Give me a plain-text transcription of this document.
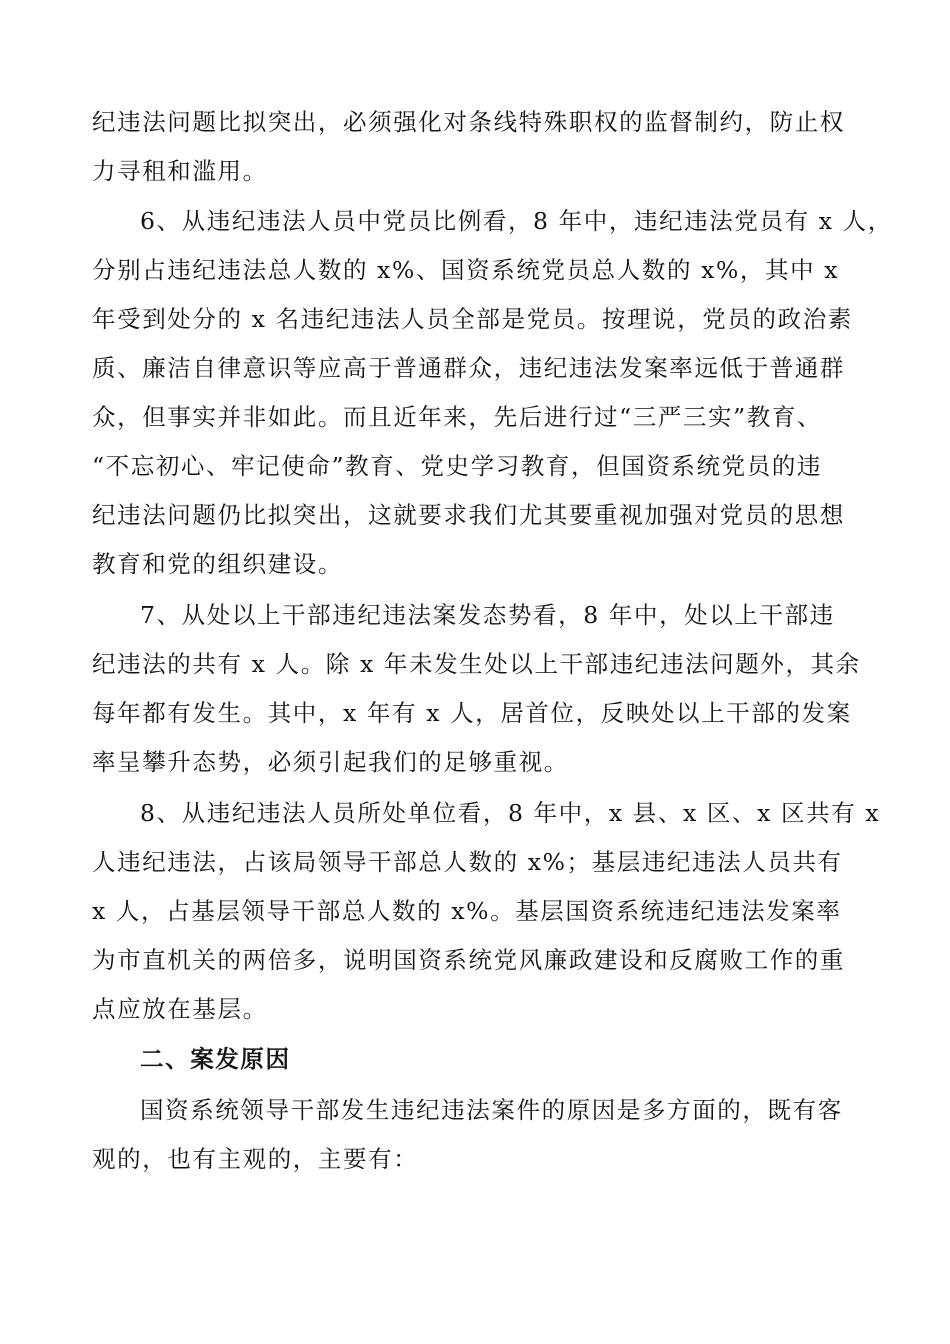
纪违法问题比拟突出，必须强化对条线特殊职权的监督制约，防止权
力寻租和滥用。
6、从违纪违法人员中党员比例看，8 年中，违纪违法党员有 x 人，
分别占违纪违法总人数的 x%、国资系统党员总人数的 x%，其中 x
年受到处分的 x 名违纪违法人员全部是党员。按理说，党员的政治素
质、廉洁自律意识等应高于普通群众，违纪违法发案率远低于普通群
众，但事实并非如此。而且近年来，先后进行过“三严三实”教育、
“不忘初心、牢记使命”教育、党史学习教育，但国资系统党员的违
纪违法问题仍比拟突出，这就要求我们尤其要重视加强对党员的思想
教育和党的组织建设。
7、从处以上干部违纪违法案发态势看，8 年中，处以上干部违
纪违法的共有 x 人。除 x 年未发生处以上干部违纪违法问题外，其余
每年都有发生。其中，x 年有 x 人，居首位，反映处以上干部的发案
率呈攀升态势，必须引起我们的足够重视。
8、从违纪违法人员所处单位看，8 年中，x 县、x 区、x 区共有 x
人违纪违法，占该局领导干部总人数的 x%；基层违纪违法人员共有
x 人，占基层领导干部总人数的 x%。基层国资系统违纪违法发案率
为市直机关的两倍多，说明国资系统党风廉政建设和反腐败工作的重
点应放在基层。
二、案发原因
国资系统领导干部发生违纪违法案件的原因是多方面的，既有客
观的，也有主观的，主要有：
